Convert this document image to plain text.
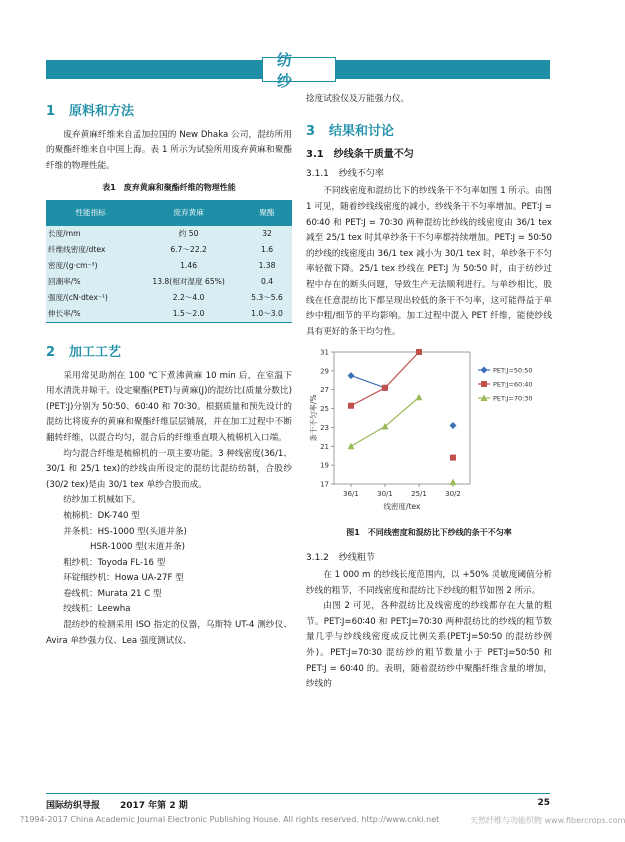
纺 纱
1 原料和方法

废弃黄麻纤维来自孟加拉国的 New Dhaka 公司，混纺所用的聚酯纤维来自中国上海。表 1 所示为试验所用废弃黄麻和聚酯纤维的物理性能。

表1　废弃黄麻和聚酯纤维的物理性能
性能指标	废弃黄麻	聚酯
长度/mm	约 50	32
纤维线密度/dtex	6.7～22.2	1.6
密度/(g·cm⁻³)	1.46	1.38
回潮率/%	13.8(相对湿度 65%)	0.4
强度/(cN·dtex⁻¹)	2.2～4.0	5.3～5.6
伸长率/%	1.5～2.0	1.0～3.0
2 加工工艺

采用常见助剂在 100 ℃下煮沸黄麻 10 min 后，在室温下用水清洗并晾干。设定聚酯(PET)与黄麻(J)的混纺比(质量分数比)(PET∶J)分别为 50∶50、60∶40 和 70∶30。根据质量和预先设计的混纺比将废弃的黄麻和聚酯纤维层层铺展，并在加工过程中不断翻转纤维，以混合均匀，混合后的纤维垂直喂入梳棉机入口端。

均匀混合纤维是梳棉机的一项主要功能。3 种线密度(36/1、30/1 和 25/1 tex)的纱线由所设定的混纺比混纺纺制，合股纱(30/2 tex)是由 30/1 tex 单纱合股而成。

纺纱加工机械如下。

梳棉机：DK-740 型

并条机：HS-1000 型(头道并条)

HSR-1000 型(末道并条)

粗纱机：Toyoda FL-16 型

环锭细纱机：Howa UA-27F 型

卷线机：Murata 21 C 型

绞线机：Leewha

混纺纱的检测采用 ISO 指定的仪器，乌斯特 UT-4 测纱仪、Avira 单纱强力仪、Lea 强度测试仪、

捻度试验仪及万能强力仪。

3 结果和讨论
3.1 纱线条干质量不匀
3.1.1 纱线不匀率

不同线密度和混纺比下的纱线条干不匀率如图 1 所示。由图 1 可见，随着纱线线密度的减小，纱线条干不匀率增加。PET∶J = 60∶40 和 PET∶J = 70∶30 两种混纺比纱线的线密度由 36/1 tex 减至 25/1 tex 时其单纱条干不匀率都持续增加。PET∶J = 50∶50 的纱线的线密度由 36/1 tex 减小为 30/1 tex 时，单纱条干不匀率轻微下降。25/1 tex 纱线在 PET∶J 为 50∶50 时，由于纺纱过程中存在的断头问题，导致生产无法顺利进行。与单纱相比，股线在任意混纺比下都呈现出较低的条干不匀率，这可能得益于单纱中粗/细节的平均影响。加工过程中混入 PET 纤维，能使纱线具有更好的条干均匀性。

17
19
21
23
25
27
29
31
36/1	30/1	25/1	30/2
线密度/tex
条干不匀率/%
PET:J=50:50
PET:J=60:40
PET:J=70:30
图1　不同线密度和混纺比下纱线的条干不匀率
3.1.2 纱线粗节

在 1 000 m 的纱线长度范围内，以 +50% 灵敏度阈值分析纱线的粗节，不同线密度和混纺比下纱线的粗节如图 2 所示。

由图 2 可见，各种混纺比及线密度的纱线都存在大量的粗节。PET∶J=60∶40 和 PET∶J=70∶30 两种混纺比的纱线的粗节数量几乎与纱线线密度成反比例关系(PET∶J=50∶50 的混纺纱例外)。PET∶J=70∶30 混纺纱的粗节数量小于 PET∶J=50∶50 和 PET∶J = 60∶40 的。表明，随着混纺纱中聚酯纤维含量的增加，纱线的

国际纺织导报 2017 年第 2 期	25
?1994-2017 China Academic Journal Electronic Publishing House. All rights reserved. http://www.cnki.net	天然纤维与功能织物 www.fibercrops.com
